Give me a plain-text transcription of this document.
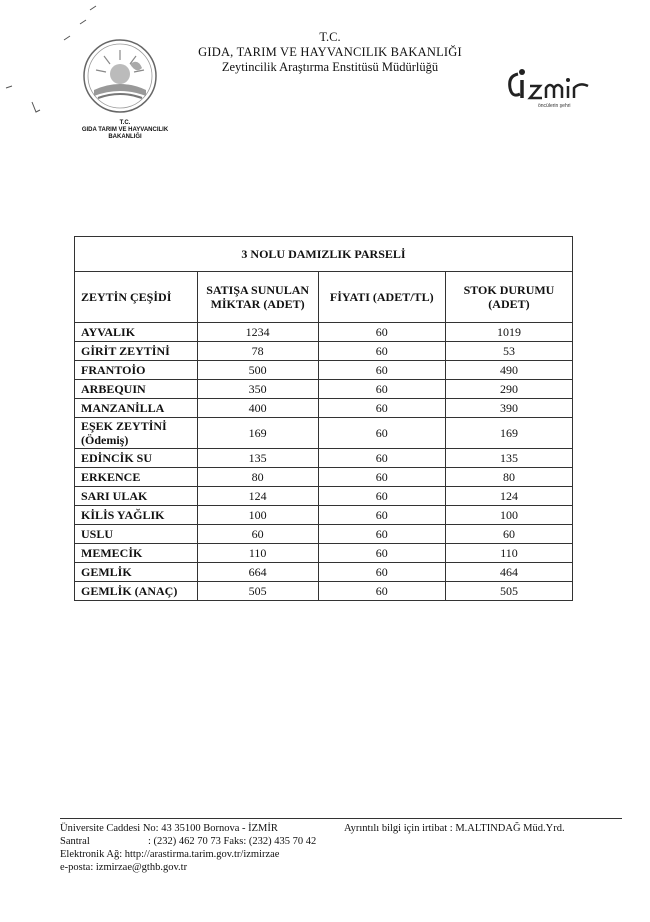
T.C.
GIDA TARIM VE HAYVANCILIK
BAKANLIĞI
T.C.
GIDA, TARIM VE HAYVANCILIK BAKANLIĞI
Zeytincilik Araştırma Enstitüsü Müdürlüğü
öncülerin şehri
3 NOLU DAMIZLIK PARSELİ			
ZEYTİN ÇEŞİDİ	SATIŞA SUNULAN MİKTAR (ADET)	FİYATI (ADET/TL)	STOK DURUMU (ADET)
AYVALIK	1234	60	1019
GİRİT ZEYTİNİ	78	60	53
FRANTOİO	500	60	490
ARBEQUIN	350	60	290
MANZANİLLA	400	60	390
EŞEK ZEYTİNİ (Ödemiş)	169	60	169
EDİNCİK SU	135	60	135
ERKENCE	80	60	80
SARI ULAK	124	60	124
KİLİS YAĞLIK	100	60	100
USLU	60	60	60
MEMECİK	110	60	110
GEMLİK	664	60	464
GEMLİK (ANAÇ)	505	60	505
Üniversite Caddesi No: 43 35100 Bornova - İZMİR
Santral	: (232) 462 70 73 Faks: (232) 435 70 42
Elektronik Ağ: http://arastirma.tarim.gov.tr/izmirzae
e-posta: izmirzae@gthb.gov.tr
Ayrıntılı bilgi için irtibat : M.ALTINDAĞ Müd.Yrd.
